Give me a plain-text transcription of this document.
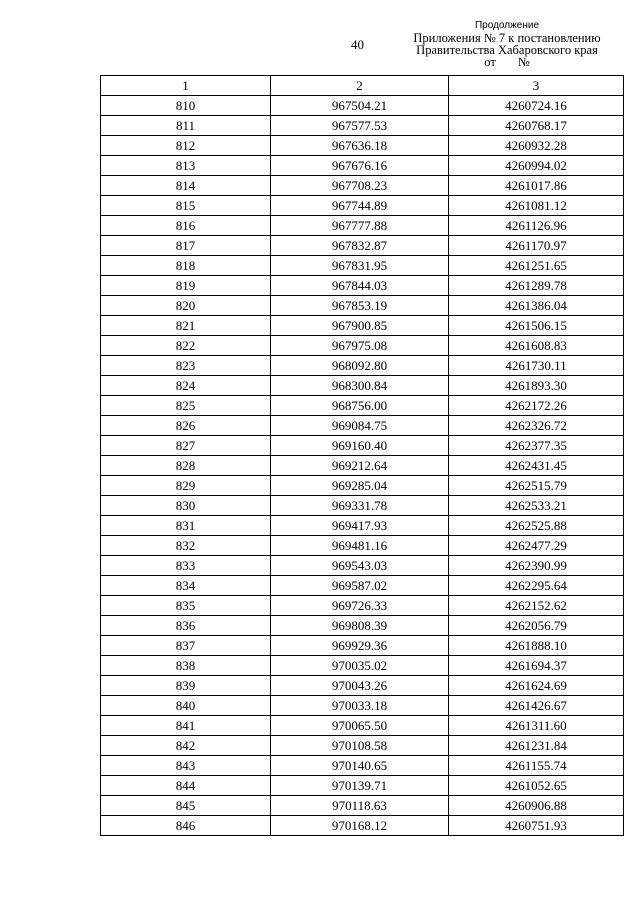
40
Продолжение
Приложения № 7 к постановлению
Правительства Хабаровского края
от №
1	2	3
810	967504.21	4260724.16
811	967577.53	4260768.17
812	967636.18	4260932.28
813	967676.16	4260994.02
814	967708.23	4261017.86
815	967744.89	4261081.12
816	967777.88	4261126.96
817	967832.87	4261170.97
818	967831.95	4261251.65
819	967844.03	4261289.78
820	967853.19	4261386.04
821	967900.85	4261506.15
822	967975.08	4261608.83
823	968092.80	4261730.11
824	968300.84	4261893.30
825	968756.00	4262172.26
826	969084.75	4262326.72
827	969160.40	4262377.35
828	969212.64	4262431.45
829	969285.04	4262515.79
830	969331.78	4262533.21
831	969417.93	4262525.88
832	969481.16	4262477.29
833	969543.03	4262390.99
834	969587.02	4262295.64
835	969726.33	4262152.62
836	969808.39	4262056.79
837	969929.36	4261888.10
838	970035.02	4261694.37
839	970043.26	4261624.69
840	970033.18	4261426.67
841	970065.50	4261311.60
842	970108.58	4261231.84
843	970140.65	4261155.74
844	970139.71	4261052.65
845	970118.63	4260906.88
846	970168.12	4260751.93
